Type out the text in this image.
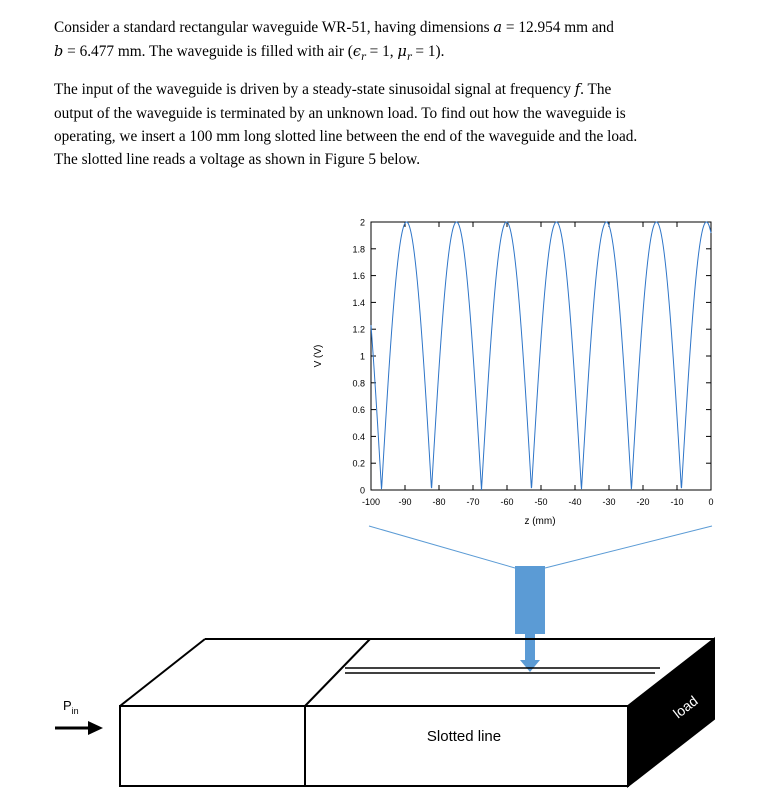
Consider a standard rectangular waveguide WR-51, having dimensions a = 12.954 mm and
b = 6.477 mm. The waveguide is filled with air ($\epsilon_r = 1$, $\mu_r = 1$).

The input of the waveguide is driven by a steady-state sinusoidal signal at frequency f. The
output of the waveguide is terminated by an unknown load. To find out how the waveguide is
operating, we insert a 100 mm long slotted line between the end of the waveguide and the load.
The slotted line reads a voltage as shown in Figure 5 below.

0
0.2
0.4
0.6
0.8
1
1.2
1.4
1.6
1.8
2
-100 -90 -80 -70 -60 -50 -40 -30 -20 -10	0
z (mm)
V (V)
load
Slotted line
$P_{in}$
